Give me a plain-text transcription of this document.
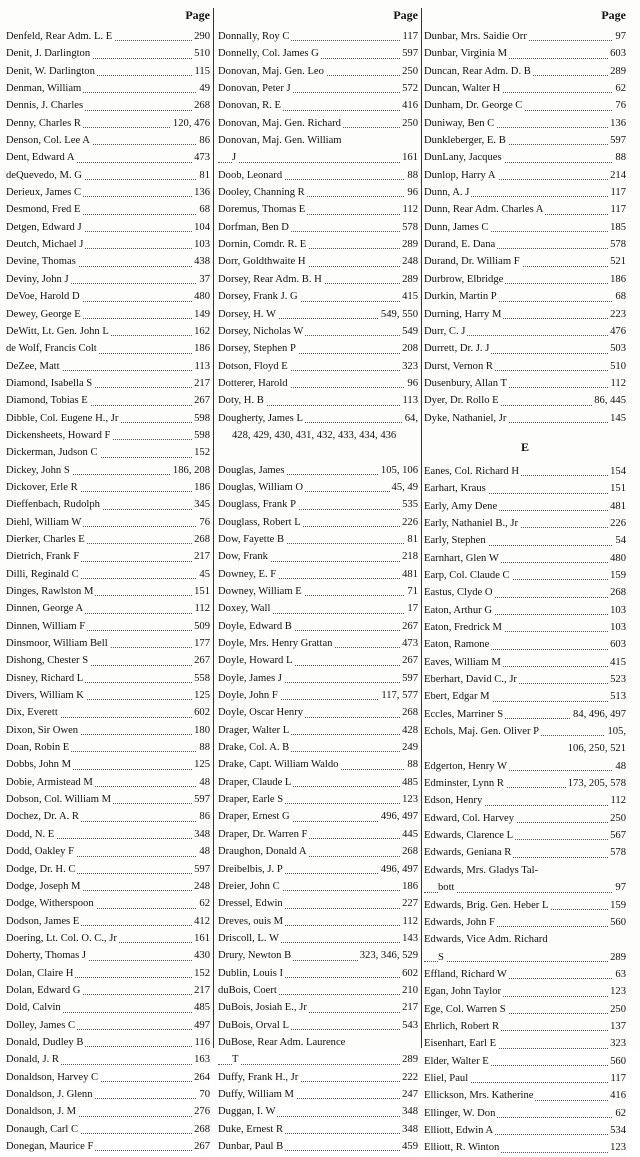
Page
Denfeld, Rear Adm. L. E	290
Denit, J. Darlington	510
Denit, W. Darlington	115
Denman, William	49
Dennis, J. Charles	268
Denny, Charles R	120, 476
Denson, Col. Lee A	86
Dent, Edward A	473
deQuevedo, M. G	81
Derieux, James C	136
Desmond, Fred E	68
Detgen, Edward J	104
Deutch, Michael J	103
Devine, Thomas	438
Deviny, John J	37
DeVoe, Harold D	480
Dewey, George E	149
DeWitt, Lt. Gen. John L	162
de Wolf, Francis Colt	186
DeZee, Matt	113
Diamond, Isabella S	217
Diamond, Tobias E	267
Dibble, Col. Eugene H., Jr	598
Dickensheets, Howard F	598
Dickerman, Judson C	152
Dickey, John S	186, 208
Dickover, Erle R	186
Dieffenbach, Rudolph	345
Diehl, William W	76
Dierker, Charles E	268
Dietrich, Frank F	217
Dilli, Reginald C	45
Dinges, Rawlston M	151
Dinnen, George A	112
Dinnen, William F	509
Dinsmoor, William Bell	177
Dishong, Chester S	267
Disney, Richard L	558
Divers, William K	125
Dix, Everett	602
Dixon, Sir Owen	180
Doan, Robin E	88
Dobbs, John M	125
Dobie, Armistead M	48
Dobson, Col. William M	597
Dochez, Dr. A. R	86
Dodd, N. E	348
Dodd, Oakley F	48
Dodge, Dr. H. C	597
Dodge, Joseph M	248
Dodge, Witherspoon	62
Dodson, James E	412
Doering, Lt. Col. O. C., Jr	161
Doherty, Thomas J	430
Dolan, Claire H	152
Dolan, Edward G	217
Dold, Calvin	485
Dolley, James C	497
Donald, Dudley B	116
Donald, J. R	163
Donaldson, Harvey C	264
Donaldson, J. Glenn	70
Donaldson, J. M	276
Donaugh, Carl C	268
Donegan, Maurice F	267
Page
Donnally, Roy C	117
Donnelly, Col. James G	597
Donovan, Maj. Gen. Leo	250
Donovan, Peter J	572
Donovan, R. E	416
Donovan, Maj. Gen. Richard	250
Donovan, Maj. Gen. William
J	161
Doob, Leonard	88
Dooley, Channing R	96
Doremus, Thomas E	112
Dorfman, Ben D	578
Dornin, Comdr. R. E	289
Dorr, Goldthwaite H	248
Dorsey, Rear Adm. B. H	289
Dorsey, Frank J. G	415
Dorsey, H. W	549, 550
Dorsey, Nicholas W	549
Dorsey, Stephen P	208
Dotson, Floyd E	323
Dotterer, Harold	96
Doty, H. B	113
Dougherty, James L	64,
428, 429, 430, 431, 432, 433, 434, 436
Douglas, James	105, 106
Douglas, William O	45, 49
Douglass, Frank P	535
Douglass, Robert L	226
Dow, Fayette B	81
Dow, Frank	218
Downey, E. F	481
Downey, William E	71
Doxey, Wall	17
Doyle, Edward B	267
Doyle, Mrs. Henry Grattan	473
Doyle, Howard L	267
Doyle, James J	597
Doyle, John F	117, 577
Doyle, Oscar Henry	268
Drager, Walter L	428
Drake, Col. A. B	249
Drake, Capt. William Waldo	88
Draper, Claude L	485
Draper, Earle S	123
Draper, Ernest G	496, 497
Draper, Dr. Warren F	445
Draughon, Donald A	268
Dreibelbis, J. P	496, 497
Dreier, John C	186
Dressel, Edwin	227
Dreves, ouis M	112
Driscoll, L. W	143
Drury, Newton B	323, 346, 529
Dublin, Louis I	602
duBois, Coert	210
DuBois, Josiah E., Jr	217
DuBois, Orval L	543
DuBose, Rear Adm. Laurence
T	289
Duffy, Frank H., Jr	222
Duffy, William M	247
Duggan, I. W	348
Duke, Ernest R	348
Dunbar, Paul B	459
Page
Dunbar, Mrs. Saidie Orr	97
Dunbar, Virginia M	603
Duncan, Rear Adm. D. B	289
Duncan, Walter H	62
Dunham, Dr. George C	76
Duniway, Ben C	136
Dunkleberger, E. B	597
DunLany, Jacques	88
Dunlop, Harry A	214
Dunn, A. J	117
Dunn, Rear Adm. Charles A	117
Dunn, James C	185
Durand, E. Dana	578
Durand, Dr. William F	521
Durbrow, Elbridge	186
Durkin, Martin P	68
Durning, Harry M	223
Durr, C. J	476
Durrett, Dr. J. J	503
Durst, Vernon R	510
Dusenbury, Allan T	112
Dyer, Dr. Rollo E	86, 445
Dyke, Nathaniel, Jr	145
E
Eanes, Col. Richard H	154
Earhart, Kraus	151
Early, Amy Dene	481
Early, Nathaniel B., Jr	226
Early, Stephen	54
Earnhart, Glen W	480
Earp, Col. Claude C	159
Eastus, Clyde O	268
Eaton, Arthur G	103
Eaton, Fredrick M	103
Eaton, Ramone	603
Eaves, William M	415
Eberhart, David C., Jr	523
Ebert, Edgar M	513
Eccles, Marriner S	84, 496, 497
Echols, Maj. Gen. Oliver P	105,
106, 250, 521
Edgerton, Henry W	48
Edminster, Lynn R	173, 205, 578
Edson, Henry	112
Edward, Col. Harvey	250
Edwards, Clarence L	567
Edwards, Geniana R	578
Edwards, Mrs. Gladys Tal-
bott	97
Edwards, Brig. Gen. Heber L	159
Edwards, John F	560
Edwards, Vice Adm. Richard
S	289
Effland, Richard W	63
Egan, John Taylor	123
Ege, Col. Warren S	250
Ehrlich, Robert R	137
Eisenhart, Earl E	323
Elder, Walter E	560
Eliel, Paul	117
Ellickson, Mrs. Katherine	416
Ellinger, W. Don	62
Elliott, Edwin A	534
Elliott, R. Winton	123
